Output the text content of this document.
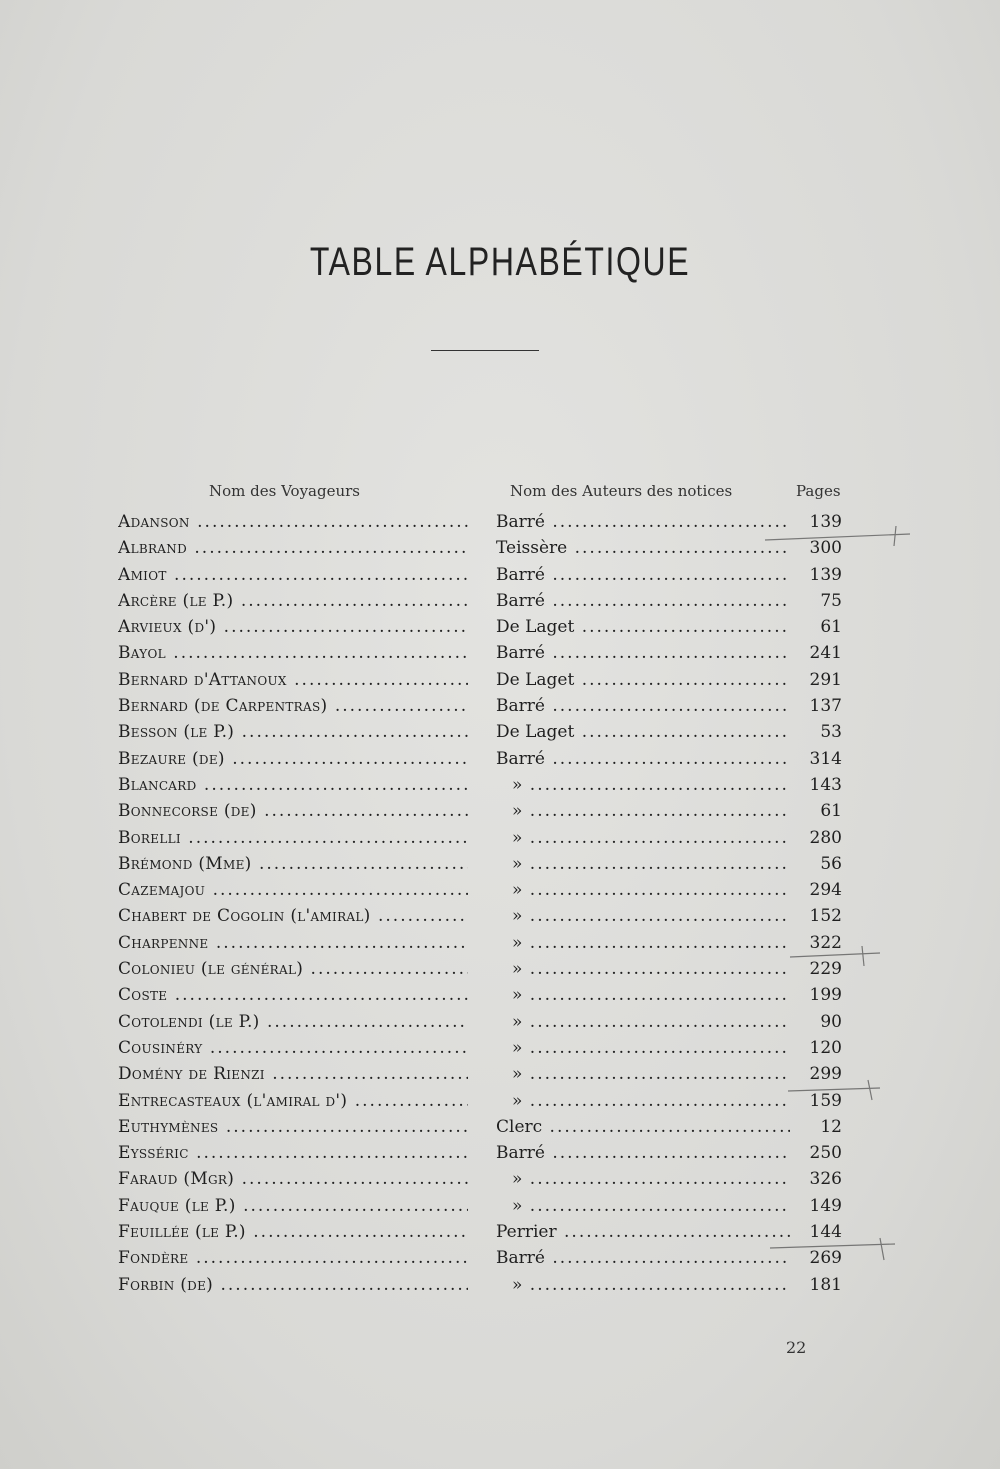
TABLE ALPHABÉTIQUE
Nom des Voyageurs	Nom des Auteurs des notices	Pages
Adanson .....	Barré .....	139
Albrand .....	Teissère .....	300
Amiot .....	Barré .....	139
Arcère (le P.) .....	Barré .....	75
Arvieux (d') .....	De Laget .....	61
Bayol .....	Barré .....	241
Bernard d'Attanoux .....	De Laget .....	291
Bernard (de Carpentras) .....	Barré .....	137
Besson (le P.) .....	De Laget .....	53
Bezaure (de) .....	Barré .....	314
Blancard .....	» .....	143
Bonnecorse (de) .....	» .....	61
Borelli .....	» .....	280
Brémond (Mme) .....	» .....	56
Cazemajou .....	» .....	294
Chabert de Cogolin (l'amiral) .....	» .....	152
Charpenne .....	» .....	322
Colonieu (le général) .....	» .....	229
Coste .....	» .....	199
Cotolendi (le P.) .....	» .....	90
Cousinéry .....	» .....	120
Domény de Rienzi .....	» .....	299
Entrecasteaux (l'amiral d') .....	» .....	159
Euthymènes .....	Clerc .....	12
Eysséric .....	Barré .....	250
Faraud (Mgr) .....	» .....	326
Fauque (le P.) .....	» .....	149
Feuillée (le P.) .....	Perrier .....	144
Fondère .....	Barré .....	269
Forbin (de) .....	» .....	181
22
